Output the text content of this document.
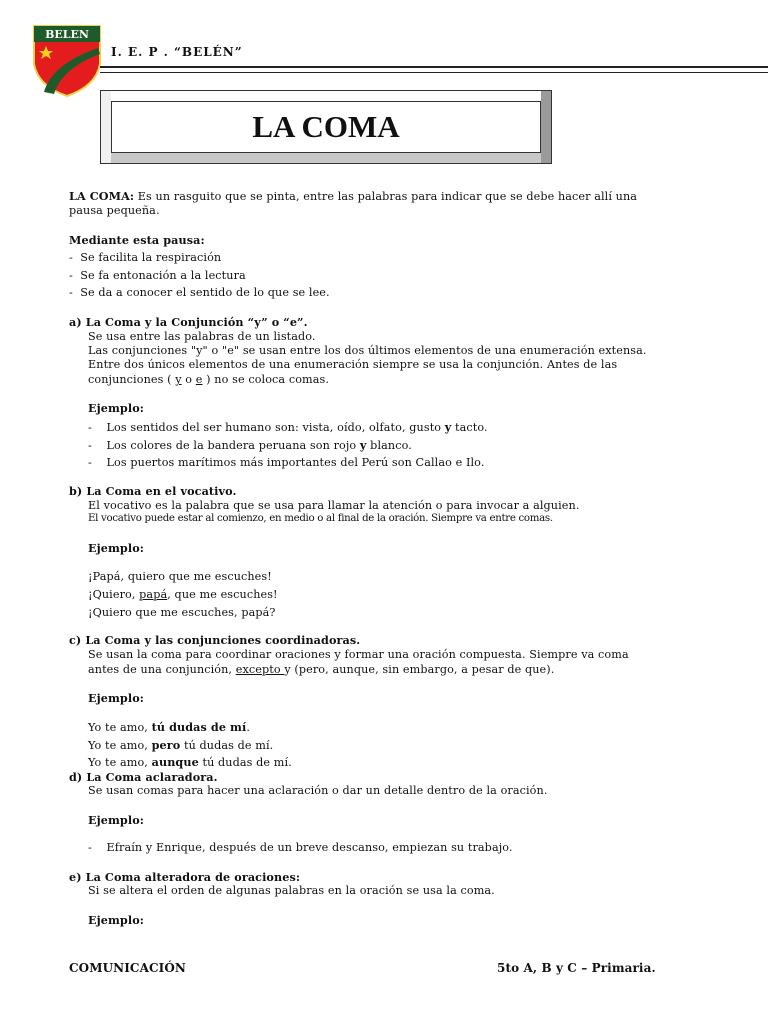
BELEN
I. E. P . “BELÉN”
LA COMA
LA COMA: Es un rasguito que se pinta, entre las palabras para indicar que se debe hacer allí una
pausa pequeña.
Mediante esta pausa:
-  Se facilita la respiración
-  Se fa entonación a la lectura
-  Se da a conocer el sentido de lo que se lee.
a) La Coma y la Conjunción “y” o “e”.
Se usa entre las palabras de un listado.
Las conjunciones "y" o "e" se usan entre los dos últimos elementos de una enumeración extensa.
Entre dos únicos elementos de una enumeración siempre se usa la conjunción. Antes de las
conjunciones ( y o e ) no se coloca comas.
Ejemplo:
-    Los sentidos del ser humano son: vista, oído, olfato, gusto y tacto.
-    Los colores de la bandera peruana son rojo y blanco.
-    Los puertos marítimos más importantes del Perú son Callao e Ilo.
b) La Coma en el vocativo.
El vocativo es la palabra que se usa para llamar la atención o para invocar a alguien.
El vocativo puede estar al comienzo, en medio o al final de la oración. Siempre va entre comas.
Ejemplo:
¡Papá, quiero que me escuches!
¡Quiero, papá, que me escuches!
¡Quiero que me escuches, papá?
c) La Coma y las conjunciones coordinadoras.
Se usan la coma para coordinar oraciones y formar una oración compuesta. Siempre va coma
antes de una conjunción, excepto y (pero, aunque, sin embargo, a pesar de que).
Ejemplo:
Yo te amo, tú dudas de mí.
Yo te amo, pero tú dudas de mí.
Yo te amo, aunque tú dudas de mí.
d) La Coma aclaradora.
Se usan comas para hacer una aclaración o dar un detalle dentro de la oración.
Ejemplo:
-    Efraín y Enrique, después de un breve descanso, empiezan su trabajo.
e) La Coma alteradora de oraciones:
Si se altera el orden de algunas palabras en la oración se usa la coma.
Ejemplo:
COMUNICACIÓN	5to A, B y C – Primaria.
